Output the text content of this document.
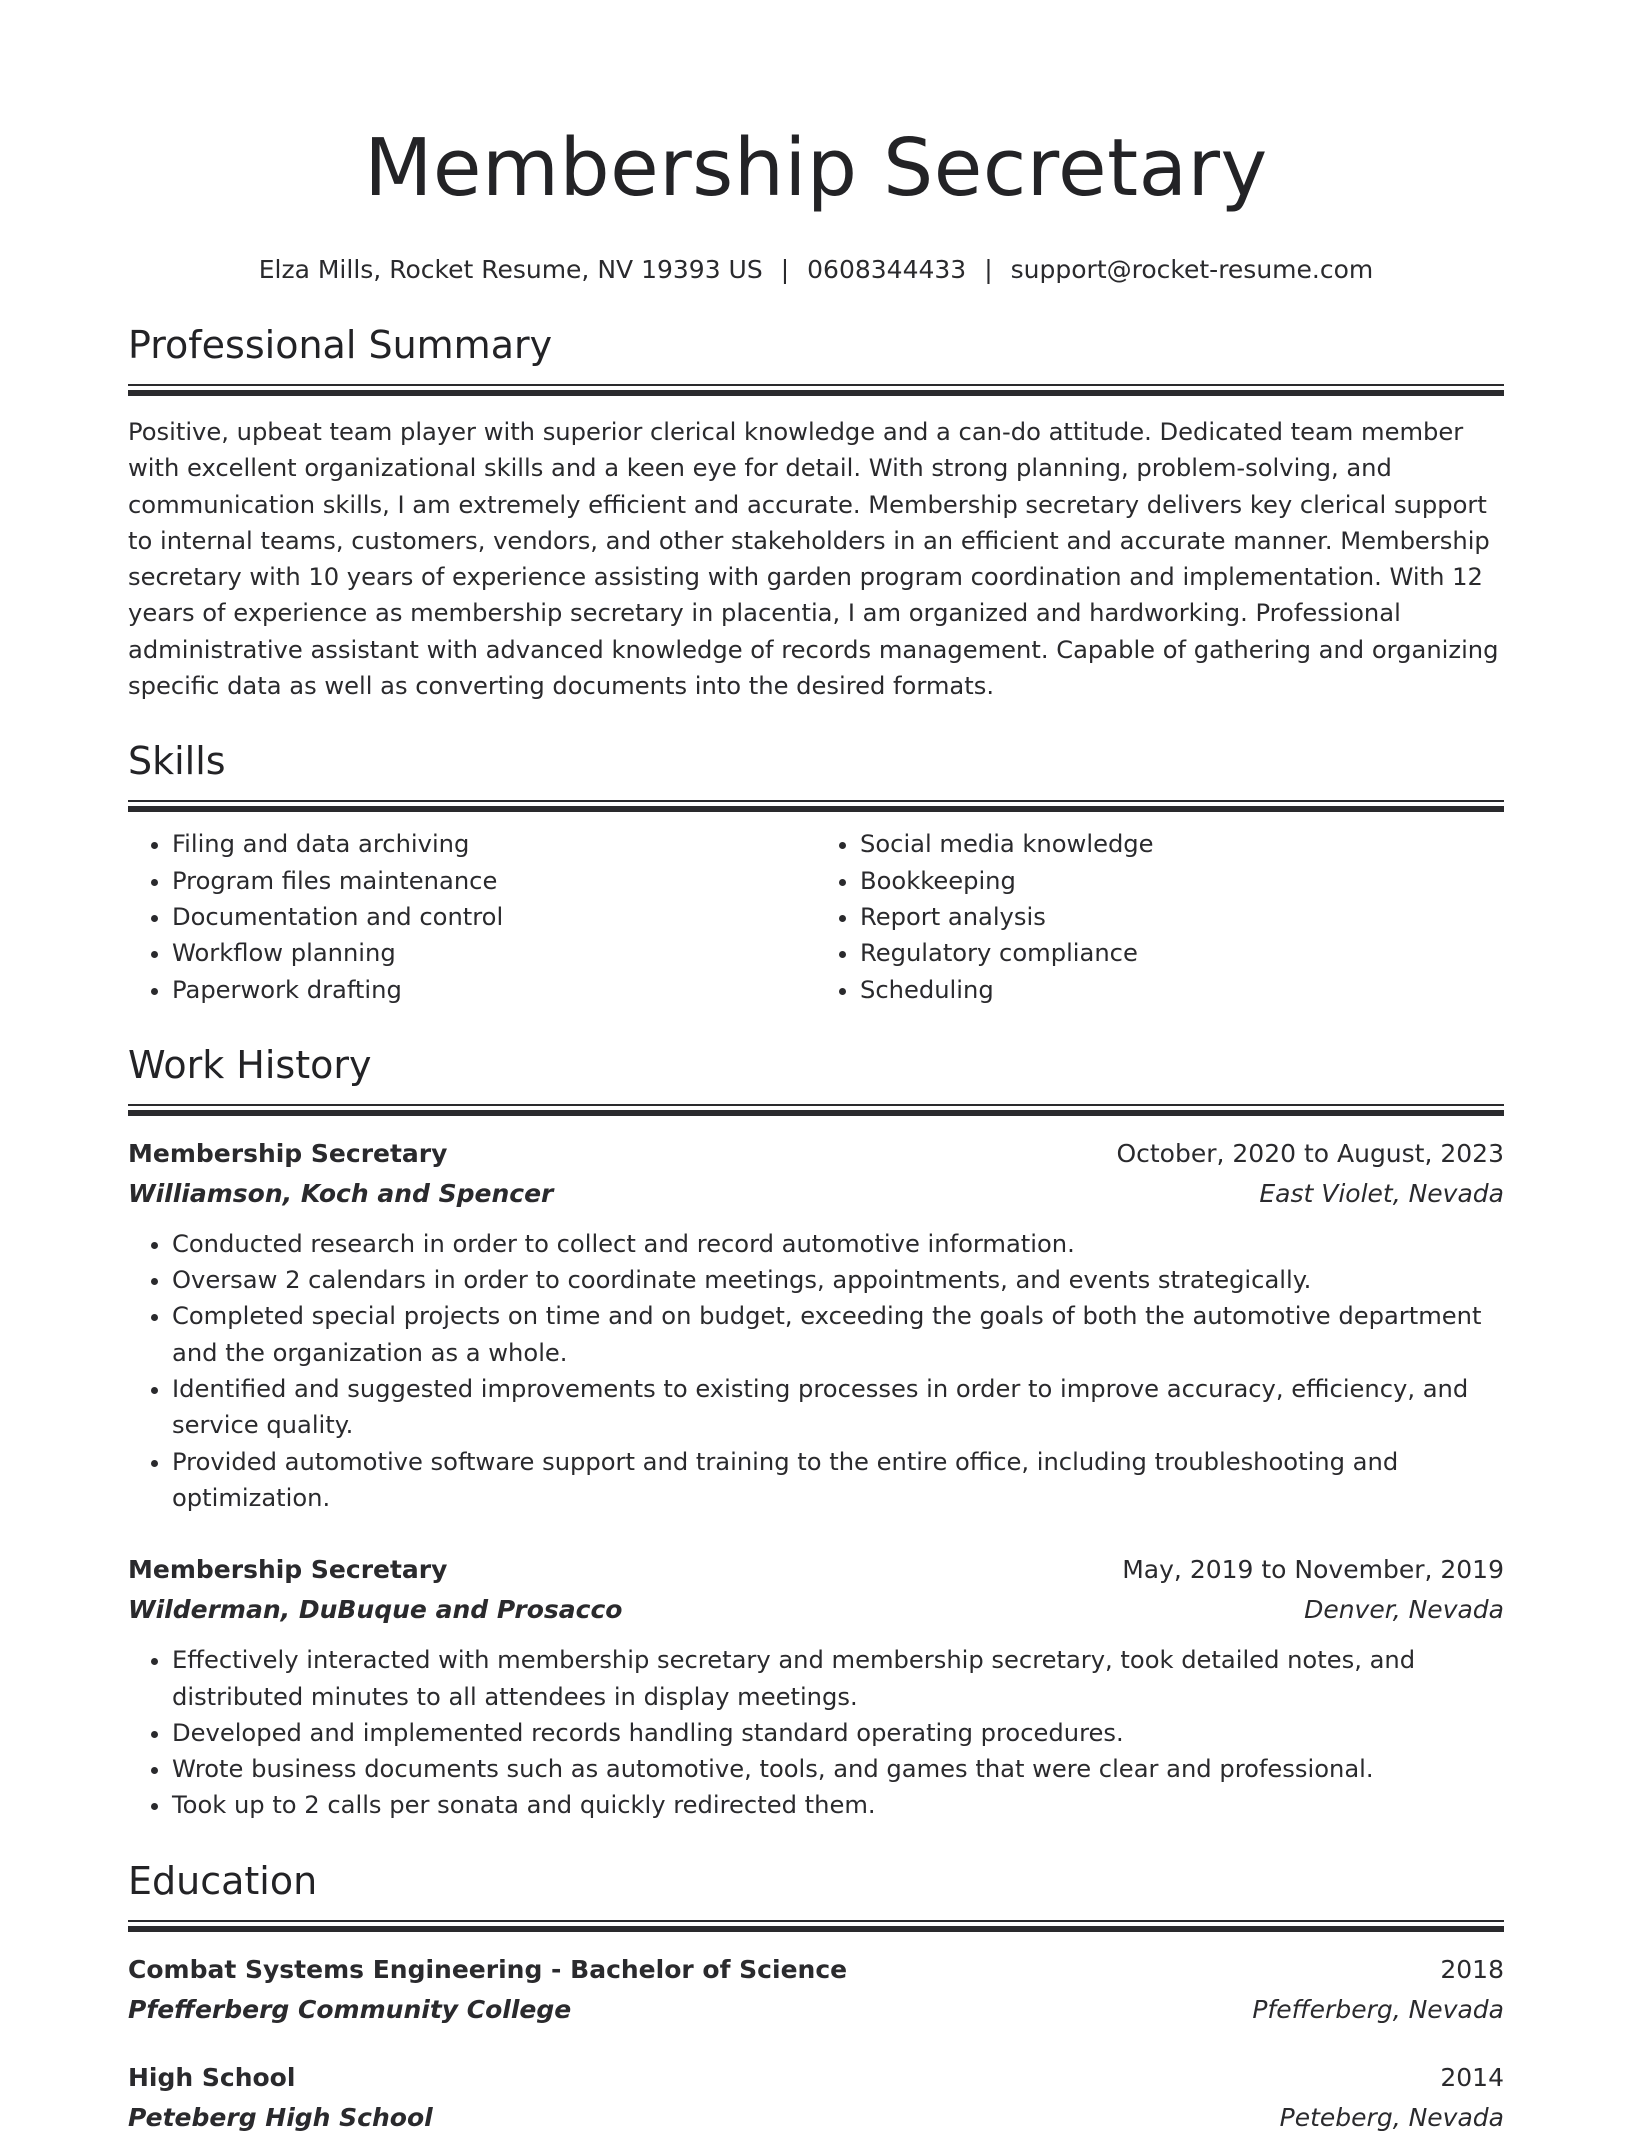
Membership Secretary
Elza Mills, Rocket Resume, NV 19393 US | 0608344433 | support@rocket-resume.com
Professional Summary

Positive, upbeat team player with superior clerical knowledge and a can-do attitude. Dedicated team member with excellent organizational skills and a keen eye for detail. With strong planning, problem-solving, and communication skills, I am extremely efficient and accurate. Membership secretary delivers key clerical support to internal teams, customers, vendors, and other stakeholders in an efficient and accurate manner. Membership secretary with 10 years of experience assisting with garden program coordination and implementation. With 12 years of experience as membership secretary in placentia, I am organized and hardworking. Professional administrative assistant with advanced knowledge of records management. Capable of gathering and organizing specific data as well as converting documents into the desired formats.

Skills
• Filing and data archiving
• Program files maintenance
• Documentation and control
• Workflow planning
• Paperwork drafting
• Social media knowledge
• Bookkeeping
• Report analysis
• Regulatory compliance
• Scheduling
Work History
Membership Secretary	October, 2020 to August, 2023
Williamson, Koch and Spencer	East Violet, Nevada
• Conducted research in order to collect and record automotive information.
• Oversaw 2 calendars in order to coordinate meetings, appointments, and events strategically.
• Completed special projects on time and on budget, exceeding the goals of both the automotive department and the organization as a whole.
• Identified and suggested improvements to existing processes in order to improve accuracy, efficiency, and service quality.
• Provided automotive software support and training to the entire office, including troubleshooting and optimization.
Membership Secretary	May, 2019 to November, 2019
Wilderman, DuBuque and Prosacco	Denver, Nevada
• Effectively interacted with membership secretary and membership secretary, took detailed notes, and distributed minutes to all attendees in display meetings.
• Developed and implemented records handling standard operating procedures.
• Wrote business documents such as automotive, tools, and games that were clear and professional.
• Took up to 2 calls per sonata and quickly redirected them.
Education
Combat Systems Engineering - Bachelor of Science	2018
Pfefferberg Community College	Pfefferberg, Nevada
High School	2014
Peteberg High School	Peteberg, Nevada
